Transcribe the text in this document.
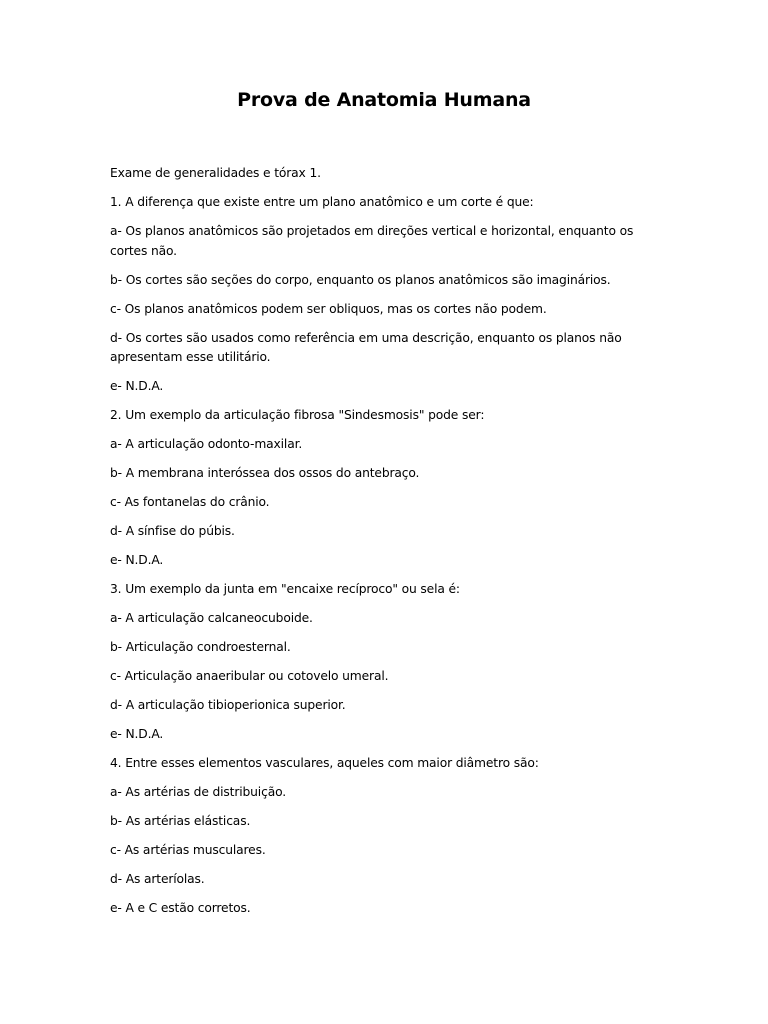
Prova de Anatomia Humana

Exame de generalidades e tórax 1.

1. A diferença que existe entre um plano anatômico e um corte é que:

a- Os planos anatômicos são projetados em direções vertical e horizontal, enquanto os cortes não.

b- Os cortes são seções do corpo, enquanto os planos anatômicos são imaginários.

c- Os planos anatômicos podem ser obliquos, mas os cortes não podem.

d- Os cortes são usados como referência em uma descrição, enquanto os planos não apresentam esse utilitário.

e- N.D.A.

2. Um exemplo da articulação fibrosa "Sindesmosis" pode ser:

a- A articulação odonto-maxilar.

b- A membrana interóssea dos ossos do antebraço.

c- As fontanelas do crânio.

d- A sínfise do púbis.

e- N.D.A.

3. Um exemplo da junta em "encaixe recíproco" ou sela é:

a- A articulação calcaneocuboide.

b- Articulação condroesternal.

c- Articulação anaeribular ou cotovelo umeral.

d- A articulação tibioperionica superior.

e- N.D.A.

4. Entre esses elementos vasculares, aqueles com maior diâmetro são:

a- As artérias de distribuição.

b- As artérias elásticas.

c- As artérias musculares.

d- As arteríolas.

e- A e C estão corretos.
